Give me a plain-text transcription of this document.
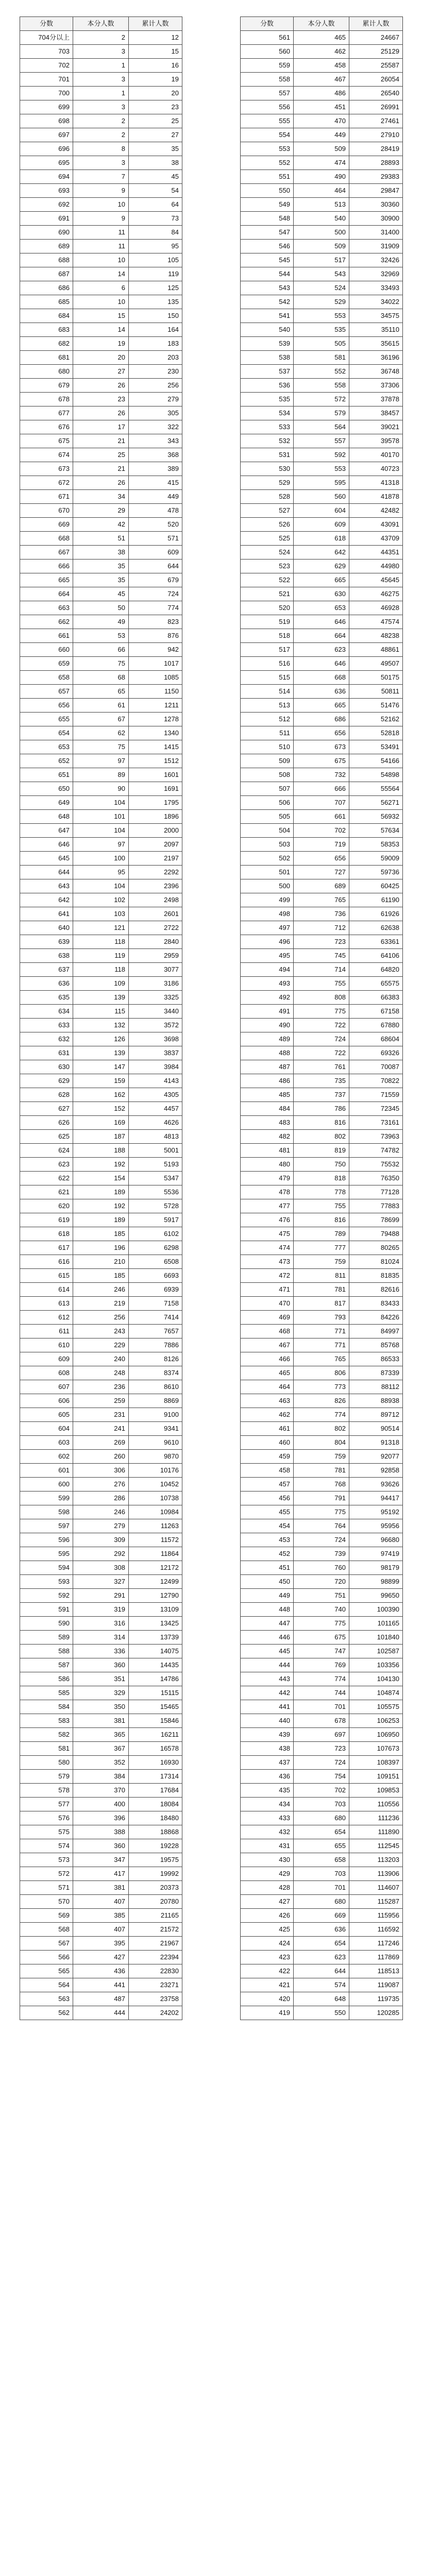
分数	本分人数	累计人数
704分以上	2	12
703	3	15
702	1	16
701	3	19
700	1	20
699	3	23
698	2	25
697	2	27
696	8	35
695	3	38
694	7	45
693	9	54
692	10	64
691	9	73
690	11	84
689	11	95
688	10	105
687	14	119
686	6	125
685	10	135
684	15	150
683	14	164
682	19	183
681	20	203
680	27	230
679	26	256
678	23	279
677	26	305
676	17	322
675	21	343
674	25	368
673	21	389
672	26	415
671	34	449
670	29	478
669	42	520
668	51	571
667	38	609
666	35	644
665	35	679
664	45	724
663	50	774
662	49	823
661	53	876
660	66	942
659	75	1017
658	68	1085
657	65	1150
656	61	1211
655	67	1278
654	62	1340
653	75	1415
652	97	1512
651	89	1601
650	90	1691
649	104	1795
648	101	1896
647	104	2000
646	97	2097
645	100	2197
644	95	2292
643	104	2396
642	102	2498
641	103	2601
640	121	2722
639	118	2840
638	119	2959
637	118	3077
636	109	3186
635	139	3325
634	115	3440
633	132	3572
632	126	3698
631	139	3837
630	147	3984
629	159	4143
628	162	4305
627	152	4457
626	169	4626
625	187	4813
624	188	5001
623	192	5193
622	154	5347
621	189	5536
620	192	5728
619	189	5917
618	185	6102
617	196	6298
616	210	6508
615	185	6693
614	246	6939
613	219	7158
612	256	7414
611	243	7657
610	229	7886
609	240	8126
608	248	8374
607	236	8610
606	259	8869
605	231	9100
604	241	9341
603	269	9610
602	260	9870
601	306	10176
600	276	10452
599	286	10738
598	246	10984
597	279	11263
596	309	11572
595	292	11864
594	308	12172
593	327	12499
592	291	12790
591	319	13109
590	316	13425
589	314	13739
588	336	14075
587	360	14435
586	351	14786
585	329	15115
584	350	15465
583	381	15846
582	365	16211
581	367	16578
580	352	16930
579	384	17314
578	370	17684
577	400	18084
576	396	18480
575	388	18868
574	360	19228
573	347	19575
572	417	19992
571	381	20373
570	407	20780
569	385	21165
568	407	21572
567	395	21967
566	427	22394
565	436	22830
564	441	23271
563	487	23758
562	444	24202
分数	本分人数	累计人数
561	465	24667
560	462	25129
559	458	25587
558	467	26054
557	486	26540
556	451	26991
555	470	27461
554	449	27910
553	509	28419
552	474	28893
551	490	29383
550	464	29847
549	513	30360
548	540	30900
547	500	31400
546	509	31909
545	517	32426
544	543	32969
543	524	33493
542	529	34022
541	553	34575
540	535	35110
539	505	35615
538	581	36196
537	552	36748
536	558	37306
535	572	37878
534	579	38457
533	564	39021
532	557	39578
531	592	40170
530	553	40723
529	595	41318
528	560	41878
527	604	42482
526	609	43091
525	618	43709
524	642	44351
523	629	44980
522	665	45645
521	630	46275
520	653	46928
519	646	47574
518	664	48238
517	623	48861
516	646	49507
515	668	50175
514	636	50811
513	665	51476
512	686	52162
511	656	52818
510	673	53491
509	675	54166
508	732	54898
507	666	55564
506	707	56271
505	661	56932
504	702	57634
503	719	58353
502	656	59009
501	727	59736
500	689	60425
499	765	61190
498	736	61926
497	712	62638
496	723	63361
495	745	64106
494	714	64820
493	755	65575
492	808	66383
491	775	67158
490	722	67880
489	724	68604
488	722	69326
487	761	70087
486	735	70822
485	737	71559
484	786	72345
483	816	73161
482	802	73963
481	819	74782
480	750	75532
479	818	76350
478	778	77128
477	755	77883
476	816	78699
475	789	79488
474	777	80265
473	759	81024
472	811	81835
471	781	82616
470	817	83433
469	793	84226
468	771	84997
467	771	85768
466	765	86533
465	806	87339
464	773	88112
463	826	88938
462	774	89712
461	802	90514
460	804	91318
459	759	92077
458	781	92858
457	768	93626
456	791	94417
455	775	95192
454	764	95956
453	724	96680
452	739	97419
451	760	98179
450	720	98899
449	751	99650
448	740	100390
447	775	101165
446	675	101840
445	747	102587
444	769	103356
443	774	104130
442	744	104874
441	701	105575
440	678	106253
439	697	106950
438	723	107673
437	724	108397
436	754	109151
435	702	109853
434	703	110556
433	680	111236
432	654	111890
431	655	112545
430	658	113203
429	703	113906
428	701	114607
427	680	115287
426	669	115956
425	636	116592
424	654	117246
423	623	117869
422	644	118513
421	574	119087
420	648	119735
419	550	120285
